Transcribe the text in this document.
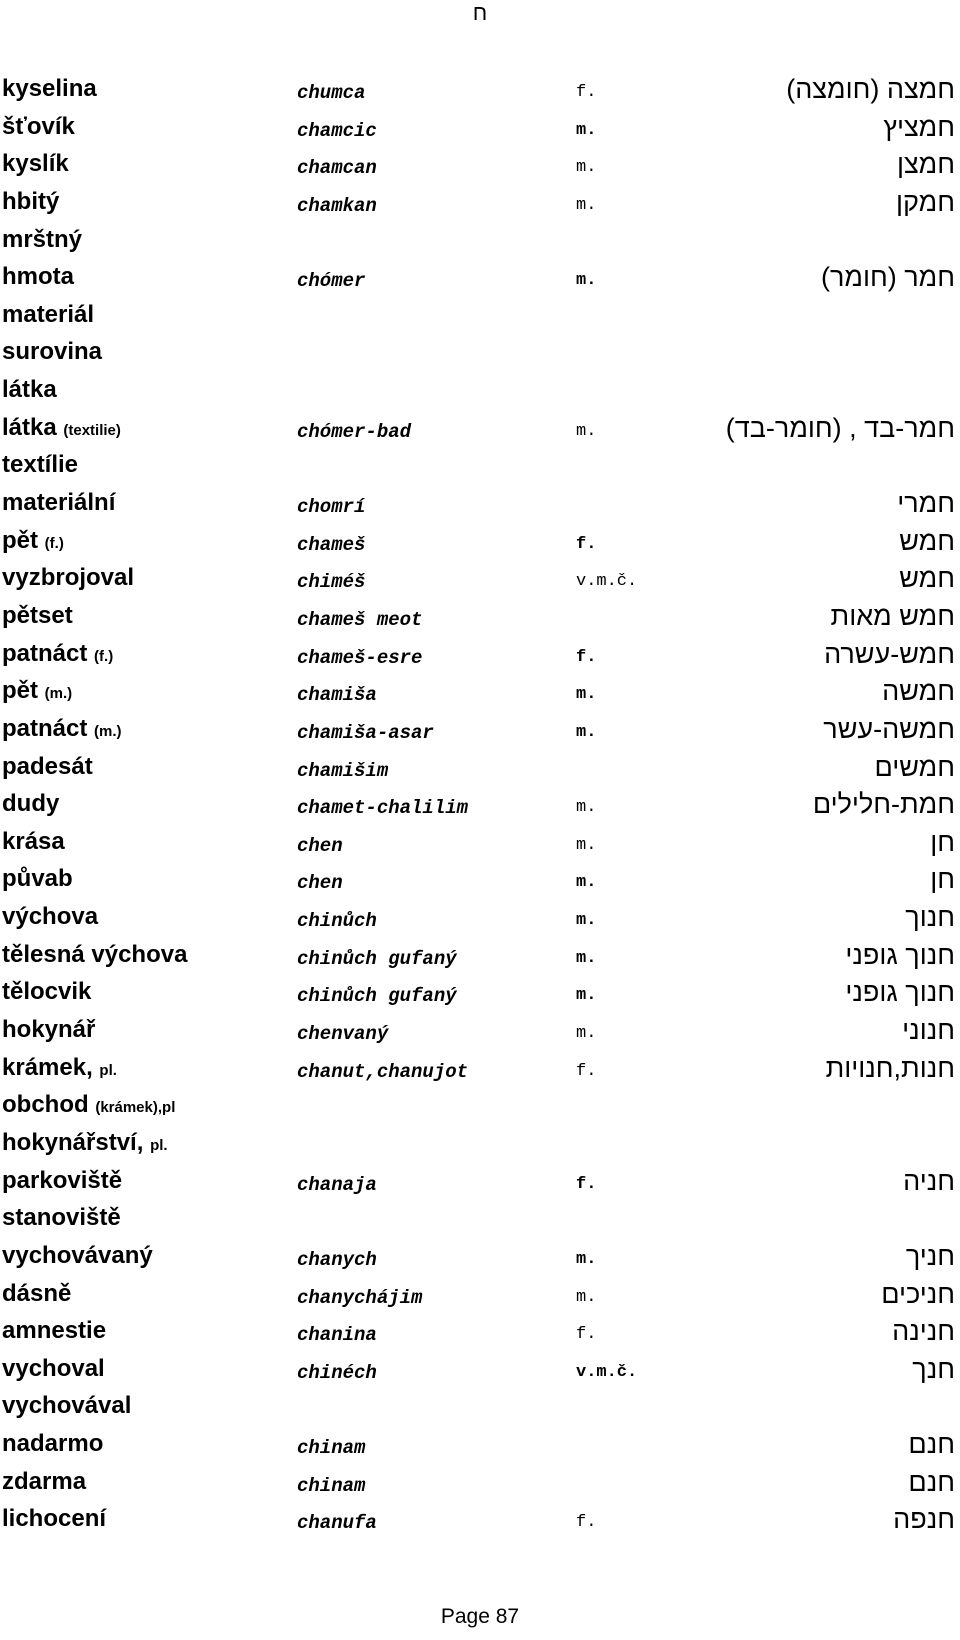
ח
kyselina	chumca	f.	חמצה (חומצה)
šťovík	chamcic	m.	חמציץ
kyslík	chamcan	m.	חמצן
hbitý	chamkan	m.	חמקן
mrštný
hmota	chómer	m.	חמר (חומר)
materiál
surovina
látka
látka (textilie)	chómer-bad	m.	חמר-בד , (חומר-בד)
textílie
materiální	chomrí	חמרי
pět (f.)	chameš	f.	חמש
vyzbrojoval	chiméš	v.m.č.	חמש
pětset	chameš meot	חמש מאות
patnáct (f.)	chameš-esre	f.	חמש-עשרה
pět (m.)	chamiša	m.	חמשה
patnáct (m.)	chamiša-asar	m.	חמשה-עשר
padesát	chamišim	חמשים
dudy	chamet-chalilim	m.	חמת-חלילים
krása	chen	m.	חן
půvab	chen	m.	חן
výchova	chinůch	m.	חנוך
tělesná výchova	chinůch gufaný	m.	חנוך גופני
tělocvik	chinůch gufaný	m.	חנוך גופני
hokynář	chenvaný	m.	חנוני
krámek, pl.	chanut,chanujot	f.	חנות,חנויות
obchod (krámek),pl
hokynářství, pl.
parkoviště	chanaja	f.	חניה
stanoviště
vychovávaný	chanych	m.	חניך
dásně	chanychájim	m.	חניכים
amnestie	chanina	f.	חנינה
vychoval	chinéch	v.m.č.	חנך
vychovával
nadarmo	chinam	חנם
zdarma	chinam	חנם
lichocení	chanufa	f.	חנפה
Page 87
